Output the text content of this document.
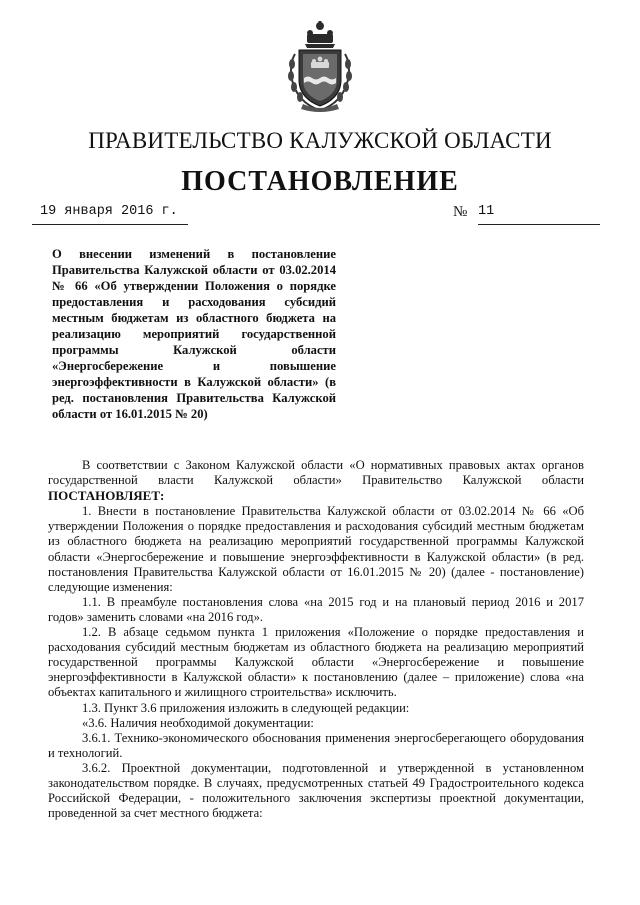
ПРАВИТЕЛЬСТВО КАЛУЖСКОЙ ОБЛАСТИ
ПОСТАНОВЛЕНИЕ
19 января 2016 г.	№ 11
О внесении изменений в постановление Правительства Калужской области от 03.02.2014 № 66 «Об утверждении Положения о порядке предоставления и расходования субсидий местным бюджетам из областного бюджета на реализацию мероприятий государственной программы Калужской области «Энергосбережение и повышение энергоэффективности в Калужской области» (в ред. постановления Правительства Калужской области от 16.01.2015 № 20)

В соответствии с Законом Калужской области «О нормативных правовых актах органов государственной власти Калужской области» Правительство Калужской области ПОСТАНОВЛЯЕТ:

1. Внести в постановление Правительства Калужской области от 03.02.2014 № 66 «Об утверждении Положения о порядке предоставления и расходования субсидий местным бюджетам из областного бюджета на реализацию мероприятий государственной программы Калужской области «Энергосбережение и повышение энергоэффективности в Калужской области» (в ред. постановления Правительства Калужской области от 16.01.2015 № 20) (далее - постановление) следующие изменения:

1.1. В преамбуле постановления слова «на 2015 год и на плановый период 2016 и 2017 годов» заменить словами «на 2016 год».

1.2. В абзаце седьмом пункта 1 приложения «Положение о порядке предоставления и расходования субсидий местным бюджетам из областного бюджета на реализацию мероприятий государственной программы Калужской области «Энергосбережение и повышение энергоэффективности в Калужской области» к постановлению (далее – приложение) слова «на объектах капитального и жилищного строительства» исключить.

1.3. Пункт 3.6 приложения изложить в следующей редакции:

«3.6. Наличия необходимой документации:

3.6.1. Технико-экономического обоснования применения энергосберегающего оборудования и технологий.

3.6.2. Проектной документации, подготовленной и утвержденной в установленном законодательством порядке. В случаях, предусмотренных статьей 49 Градостроительного кодекса Российской Федерации, - положительного заключения экспертизы проектной документации, проведенной за счет местного бюджета:
